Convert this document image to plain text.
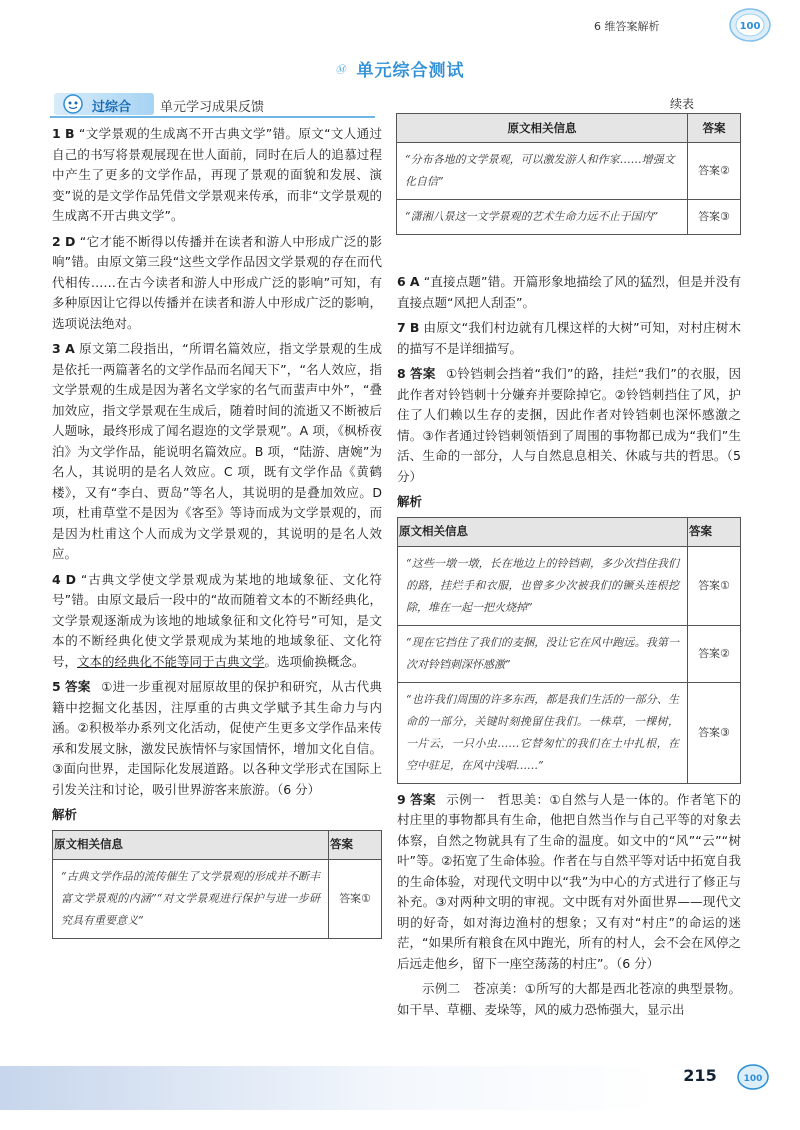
6 维答案解析	100
Ⓜ 单元综合测试
过综合 单元学习成果反馈

1 B “文学景观的生成离不开古典文学”错。原文“文人通过自己的书写将景观展现在世人面前，同时在后人的追慕过程中产生了更多的文学作品，再现了景观的面貌和发展、演变”说的是文学作品凭借文学景观来传承，而非“文学景观的生成离不开古典文学”。

2 D “它才能不断得以传播并在读者和游人中形成广泛的影响”错。由原文第三段“这些文学作品因文学景观的存在而代代相传……在古今读者和游人中形成广泛的影响”可知，有多种原因让它得以传播并在读者和游人中形成广泛的影响，选项说法绝对。

3 A 原文第二段指出，“所谓名篇效应，指文学景观的生成是依托一两篇著名的文学作品而名闻天下”，“名人效应，指文学景观的生成是因为著名文学家的名气而蜚声中外”，“叠加效应，指文学景观在生成后，随着时间的流逝又不断被后人题咏，最终形成了闻名遐迩的文学景观”。A 项，《枫桥夜泊》为文学作品，能说明名篇效应。B 项，“陆游、唐婉”为名人，其说明的是名人效应。C 项，既有文学作品《黄鹤楼》，又有“李白、贾岛”等名人，其说明的是叠加效应。D 项，杜甫草堂不是因为《客至》等诗而成为文学景观的，而是因为杜甫这个人而成为文学景观的，其说明的是名人效应。

4 D “古典文学使文学景观成为某地的地域象征、文化符号”错。由原文最后一段中的“故而随着文本的不断经典化，文学景观逐渐成为该地的地域象征和文化符号”可知，是文本的不断经典化使文学景观成为某地的地域象征、文化符号，文本的经典化不能等同于古典文学。选项偷换概念。

5 答案 ①进一步重视对屈原故里的保护和研究，从古代典籍中挖掘文化基因，注厚重的古典文学赋予其生命力与内涵。②积极举办系列文化活动，促使产生更多文学作品来传承和发展文脉，激发民族情怀与家国情怀，增加文化自信。③面向世界，走国际化发展道路。以各种文学形式在国际上引发关注和讨论，吸引世界游客来旅游。（6 分）

解析
原文相关信息	答案
“古典文学作品的流传催生了文学景观的形成并不断丰富文学景观的内涵”“对文学景观进行保护与进一步研究具有重要意义”	答案①
续表
原文相关信息	答案
“分布各地的文学景观，可以激发游人和作家……增强文化自信”	答案②
“潇湘八景这一文学景观的艺术生命力远不止于国内”	答案③

6 A “直接点题”错。开篇形象地描绘了风的猛烈，但是并没有直接点题“风把人刮歪”。

7 B 由原文“我们村边就有几棵这样的大树”可知，对村庄树木的描写不是详细描写。

8 答案 ①铃铛刺会挡着“我们”的路，挂烂“我们”的衣服，因此作者对铃铛刺十分嫌弃并要除掉它。②铃铛刺挡住了风，护住了人们赖以生存的麦捆，因此作者对铃铛刺也深怀感激之情。③作者通过铃铛刺领悟到了周围的事物都已成为“我们”生活、生命的一部分，人与自然息息相关、休戚与共的哲思。（5 分）

解析
原文相关信息	答案
“这些一墩一墩，长在地边上的铃铛刺，多少次挡住我们的路，挂烂手和衣服，也曾多少次被我们的镢头连根挖除，堆在一起一把火烧掉”	答案①
“现在它挡住了我们的麦捆，没让它在风中跑远。我第一次对铃铛刺深怀感激”	答案②
“也许我们周围的许多东西，都是我们生活的一部分、生命的一部分，关键时刻挽留住我们。一株草，一棵树，一片云，一只小虫……它替匆忙的我们在土中扎根，在空中驻足，在风中浅唱……”	答案③

9 答案 示例一　哲思美：①自然与人是一体的。作者笔下的村庄里的事物都具有生命，他把自然当作与自己平等的对象去体察，自然之物就具有了生命的温度。如文中的“风”“云”“树叶”等。②拓宽了生命体验。作者在与自然平等对话中拓宽自我的生命体验，对现代文明中以“我”为中心的方式进行了修正与补充。③对两种文明的审视。文中既有对外面世界——现代文明的好奇，如对海边渔村的想象；又有对“村庄”的命运的迷茫，“如果所有粮食在风中跑光，所有的村人，会不会在风停之后远走他乡，留下一座空荡荡的村庄”。（6 分）

示例二　苍凉美：①所写的大都是西北苍凉的典型景物。如干旱、草棚、麦垛等，风的威力恐怖强大，显示出

215	100
